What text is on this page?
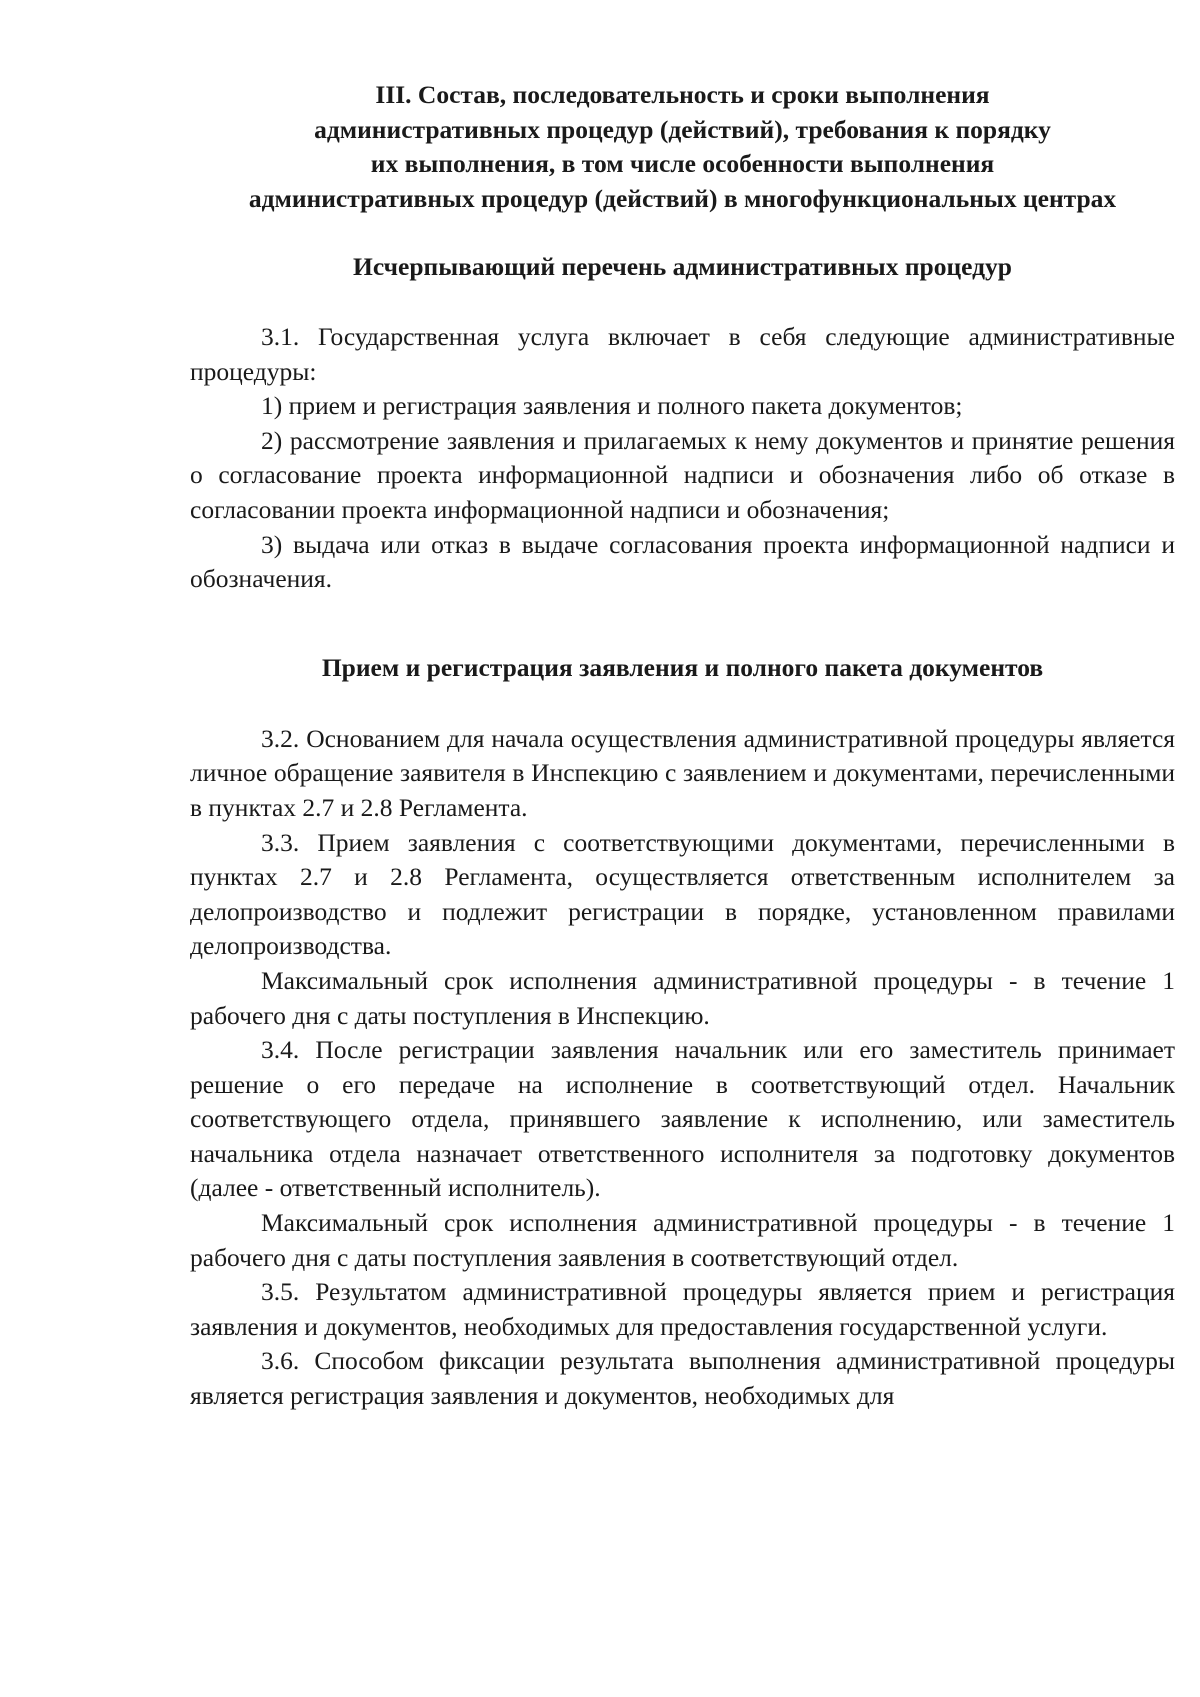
III. Состав, последовательность и сроки выполнения
административных процедур (действий), требования к порядку
их выполнения, в том числе особенности выполнения
административных процедур (действий) в многофункциональных центрах
Исчерпывающий перечень административных процедур

3.1. Государственная услуга включает в себя следующие административные процедуры:

1) прием и регистрация заявления и полного пакета документов;

2) рассмотрение заявления и прилагаемых к нему документов и принятие решения о согласование проекта информационной надписи и обозначения либо об отказе в согласовании проекта информационной надписи и обозначения;

3) выдача или отказ в выдаче согласования проекта информационной надписи и обозначения.

Прием и регистрация заявления и полного пакета документов

3.2. Основанием для начала осуществления административной процедуры является личное обращение заявителя в Инспекцию с заявлением и документами, перечисленными в пунктах 2.7 и 2.8 Регламента.

3.3. Прием заявления с соответствующими документами, перечисленными в пунктах 2.7 и 2.8 Регламента, осуществляется ответственным исполнителем за делопроизводство и подлежит регистрации в порядке, установленном правилами делопроизводства.

Максимальный срок исполнения административной процедуры - в течение 1 рабочего дня с даты поступления в Инспекцию.

3.4. После регистрации заявления начальник или его заместитель принимает решение о его передаче на исполнение в соответствующий отдел. Начальник соответствующего отдела, принявшего заявление к исполнению, или заместитель начальника отдела назначает ответственного исполнителя за подготовку документов (далее - ответственный исполнитель).

Максимальный срок исполнения административной процедуры - в течение 1 рабочего дня с даты поступления заявления в соответствующий отдел.

3.5. Результатом административной процедуры является прием и регистрация заявления и документов, необходимых для предоставления государственной услуги.

3.6. Способом фиксации результата выполнения административной процедуры является регистрация заявления и документов, необходимых для
